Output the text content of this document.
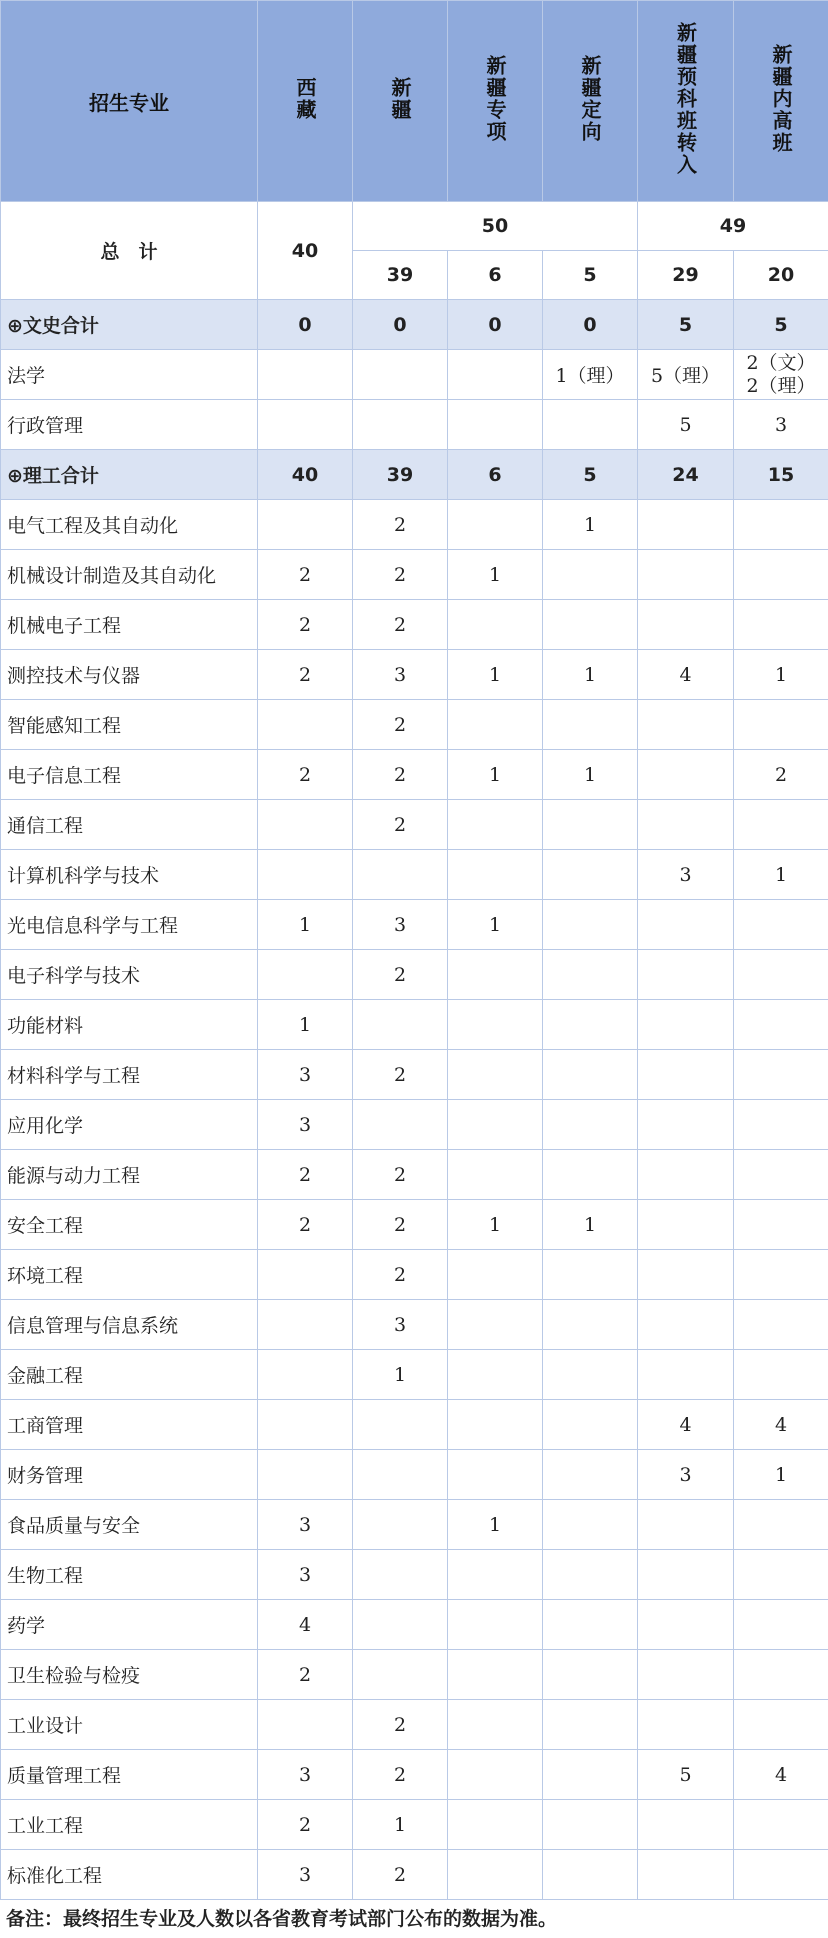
招生专业	西藏	新疆	新疆专项	新疆定向	新疆预科班转入	新疆内高班
总　计	40	50			49	
		39	6	5	29	20
⊕文史合计	0	0	0	0	5	5
法学				1（理）	5（理）	2（文）
2（理）

行政管理					5	3
⊕理工合计	40	39	6	5	24	15
电气工程及其自动化		2		1		
机械设计制造及其自动化	2	2	1			
机械电子工程	2	2				
测控技术与仪器	2	3	1	1	4	1
智能感知工程		2				
电子信息工程	2	2	1	1		2
通信工程		2				
计算机科学与技术					3	1
光电信息科学与工程	1	3	1			
电子科学与技术		2				
功能材料	1					
材料科学与工程	3	2				
应用化学	3					
能源与动力工程	2	2				
安全工程	2	2	1	1		
环境工程		2				
信息管理与信息系统		3				
金融工程		1				
工商管理					4	4
财务管理					3	1
食品质量与安全	3		1			
生物工程	3					
药学	4					
卫生检验与检疫	2					
工业设计		2				
质量管理工程	3	2			5	4
工业工程	2	1				
标准化工程	3	2				
备注：最终招生专业及人数以各省教育考试部门公布的数据为准。
